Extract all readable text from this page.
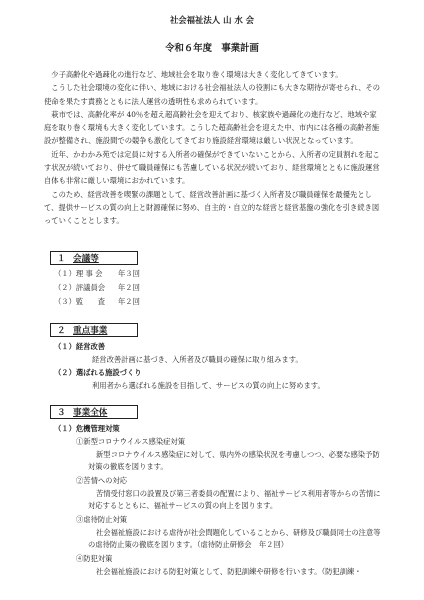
社会福祉法人 山 水 会
令和６年度　事業計画

少子高齢化や過疎化の進行など、地域社会を取り巻く環境は大きく変化してきています。

こうした社会環境の変化に伴い、地域における社会福祉法人の役割にも大きな期待が寄せられ、その使命を果たす責務とともに法人運営の透明性も求められています。

萩市では、高齢化率が 40％を超え超高齢社会を迎えており、核家族や過疎化の進行など、地域や家庭を取り巻く環境も大きく変化しています。こうした超高齢社会を迎えた中、市内には各種の高齢者施設が整備され、施設間での競争も激化してきており施設経営環境は厳しい状況となっています。

近年、かわかみ苑では定員に対する入所者の確保ができていないことから、入所者の定員割れを起こす状況が続いており、併せて職員確保にも苦慮している状況が続いており、経営環境とともに施設運営自体も非常に厳しい環境におかれています。

このため、経営改善を喫緊の課題として、経営改善計画に基づく入所者及び職員確保を最優先として、提供サービスの質の向上と財源確保に努め、自主的・自立的な経営と経営基盤の強化を引き続き図っていくこととします。

１ 会議等
（１）理 事 会 年３回
（２）評議員会 年２回
（３）監　　査 年２回
２ 重点事業
（１）経営改善
経営改善計画に基づき、入所者及び職員の確保に取り組みます。
（２）選ばれる施設づくり
利用者から選ばれる施設を目指して、サービスの質の向上に努めます。
３ 事業全体
（１）危機管理対策
①新型コロナウイルス感染症対策
新型コロナウイルス感染症に対して、県内外の感染状況を考慮しつつ、必要な感染予防対策の徹底を図ります。
②苦情への対応
苦情受付窓口の設置及び第三者委員の配置により、福祉サービス利用者等からの苦情に対応するとともに、福祉サービスの質の向上を図ります。
③虐待防止対策
社会福祉施設における虐待が社会問題化していることから、研修及び職員同士の注意等の虐待防止策の徹底を図ります。（虐待防止研修会　年２回）
④防犯対策
社会福祉施設における防犯対策として、防犯訓練や研修を行います。（防犯訓練・
